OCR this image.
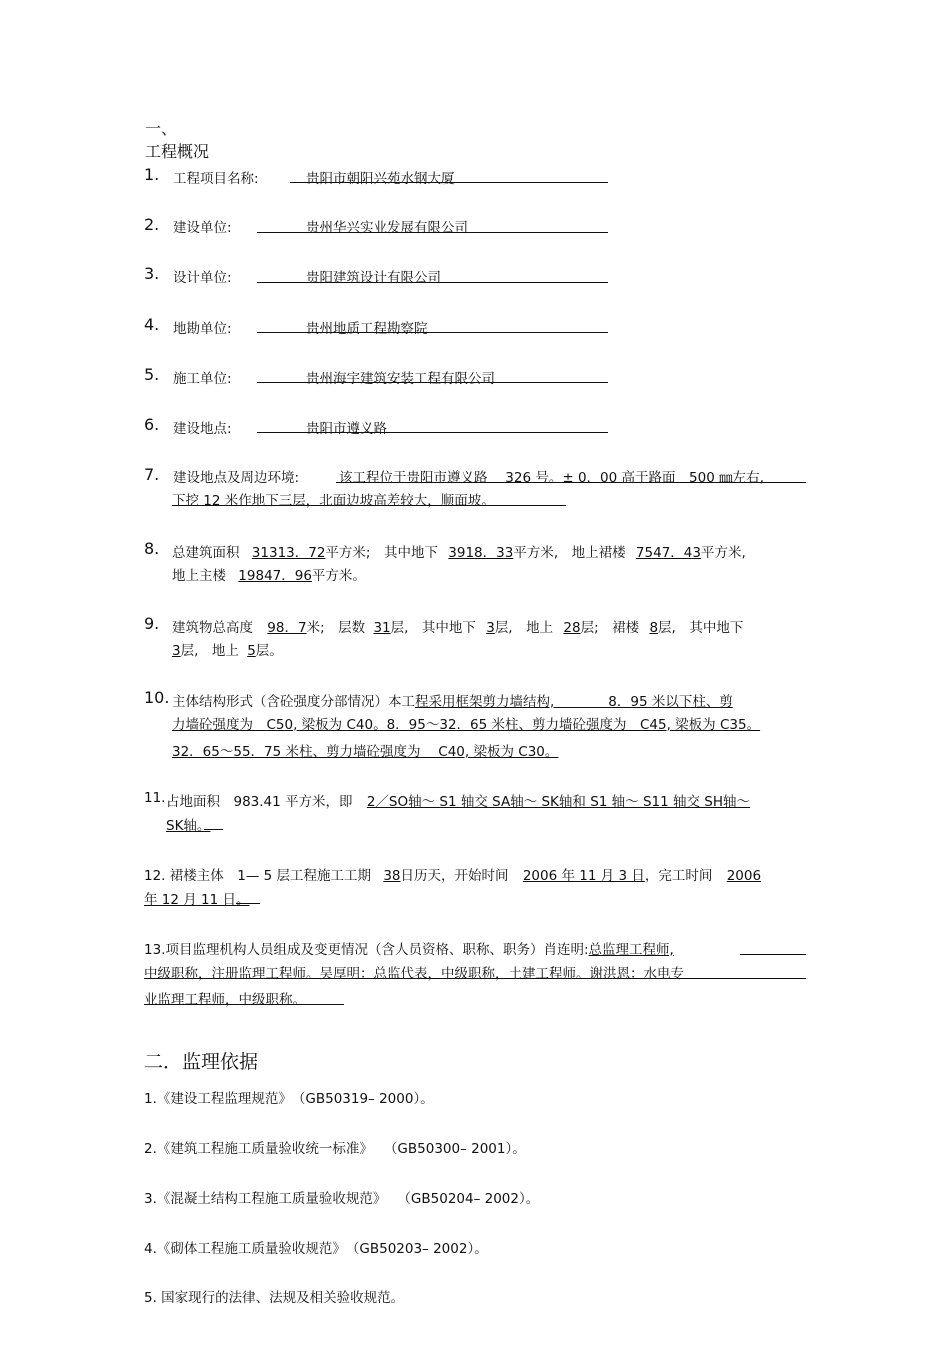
一、
工程概况
1. 工程项目名称:	贵阳市朝阳兴苑水钢大厦
2. 建设单位:	贵州华兴实业发展有限公司
3. 设计单位:	贵阳建筑设计有限公司
4. 地勘单位:	贵州地质工程勘察院
5. 施工单位:	贵州海宇建筑安装工程有限公司
6. 建设地点:	贵阳市遵义路
7. 建设地点及周边环境:	该工程位于贵阳市遵义路　 326 号。± 0．00 高于路面　500 ㎜左右,
下挖 12 米作地下三层，北面边坡高差较大，顺面坡。
8. 总建筑面积 31313．72平方米;　其中地下 3918．33平方米,　地上裙楼 7547．43平方米,
地上主楼 19847．96平方米。
9. 建筑物总高度 98．7米;　层数 31层,　其中地下 3层,　地上 28层;　裙楼 8层,　其中地下
3层,　地上 5层。
10. 主体结构形式（含砼强度分部情况）本工程采用框架剪力墙结构,　　　　8．95 米以下柱、剪
力墙砼强度为　C50, 梁板为 C40。8．95～32．65 米柱、剪力墙砼强度为　C45, 梁板为 C35。
32．65～55．75 米柱、剪力墙砼强度为　 C40, 梁板为 C30。
11. 占地面积　983.41 平方米，即 2／SO轴～ S1 轴交 SA轴～ SK轴和 S1 轴～ S11 轴交 SH轴～
SK轴。
12. 裙楼主体　1— 5 层工程施工工期 38日历天，开始时间 2006 年 11 月 3 日，完工时间 2006
年 12 月 11 日。
13.项目监理机构人员组成及变更情况（含人员资格、职称、职务）肖连明:总监理工程师,
中级职称，注册监理工程师。吴厚明：总监代表，中级职称，土建工程师。谢洪恩：水电专
业监理工程师，中级职称。
二．监理依据
1.《建设工程监理规范》　（GB50319– 2000）。
2.《建筑工程施工质量验收统一标准》　 （GB50300– 2001）。
3.《混凝土结构工程施工质量验收规范》　 （GB50204– 2002）。
4.《砌体工程施工质量验收规范》　（GB50203– 2002）。
5. 国家现行的法律、法规及相关验收规范。
